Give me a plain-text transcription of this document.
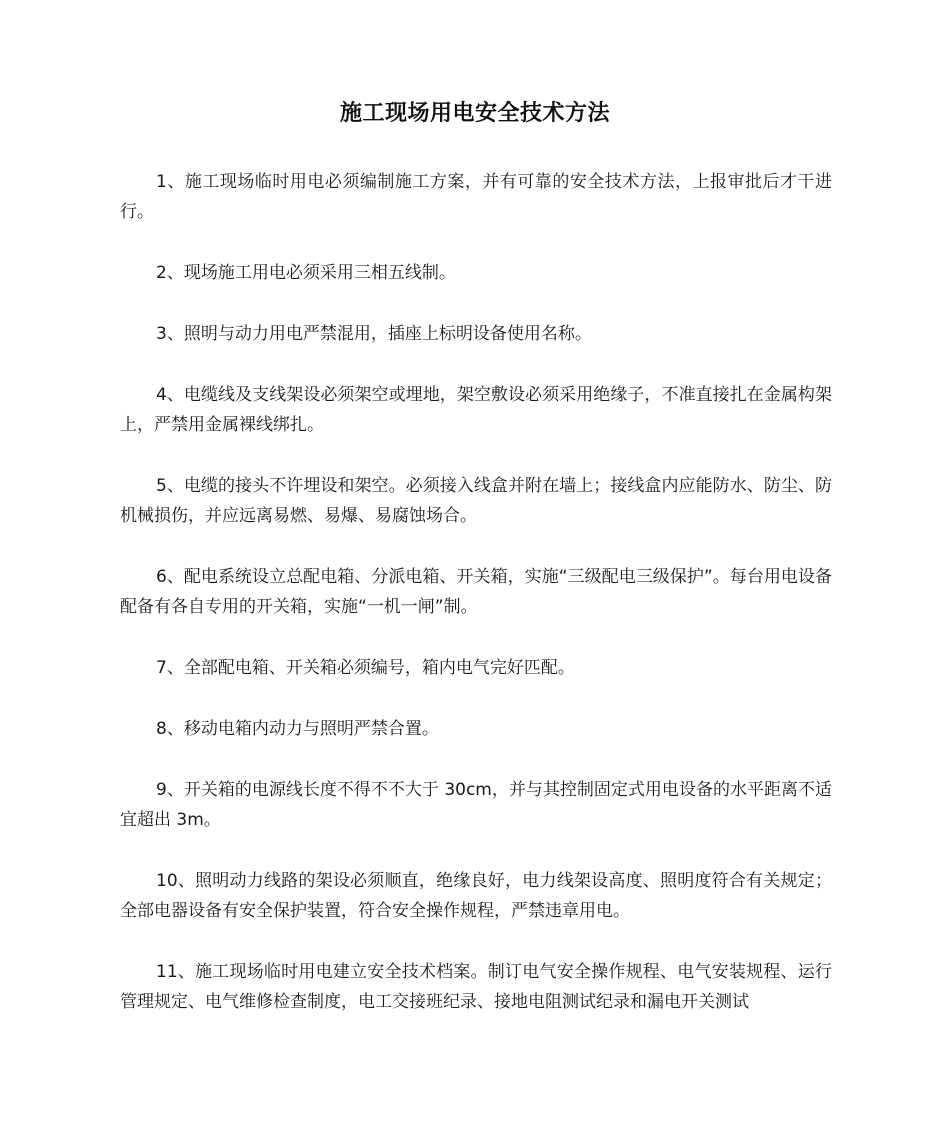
施工现场用电安全技术方法

1、施工现场临时用电必须编制施工方案，并有可靠的安全技术方法，上报审批后才干进行。

2、现场施工用电必须采用三相五线制。

3、照明与动力用电严禁混用，插座上标明设备使用名称。

4、电缆线及支线架设必须架空或埋地，架空敷设必须采用绝缘子，不准直接扎在金属构架上，严禁用金属裸线绑扎。

5、电缆的接头不许埋设和架空。必须接入线盒并附在墙上；接线盒内应能防水、防尘、防机械损伤，并应远离易燃、易爆、易腐蚀场合。

6、配电系统设立总配电箱、分派电箱、开关箱，实施“三级配电三级保护”。每台用电设备配备有各自专用的开关箱，实施“一机一闸”制。

7、全部配电箱、开关箱必须编号，箱内电气完好匹配。

8、移动电箱内动力与照明严禁合置。

9、开关箱的电源线长度不得不不大于 30cm，并与其控制固定式用电设备的水平距离不适宜超出 3m。

10、照明动力线路的架设必须顺直，绝缘良好，电力线架设高度、照明度符合有关规定；全部电器设备有安全保护装置，符合安全操作规程，严禁违章用电。

11、施工现场临时用电建立安全技术档案。制订电气安全操作规程、电气安装规程、运行管理规定、电气维修检查制度，电工交接班纪录、接地电阻测试纪录和漏电开关测试
